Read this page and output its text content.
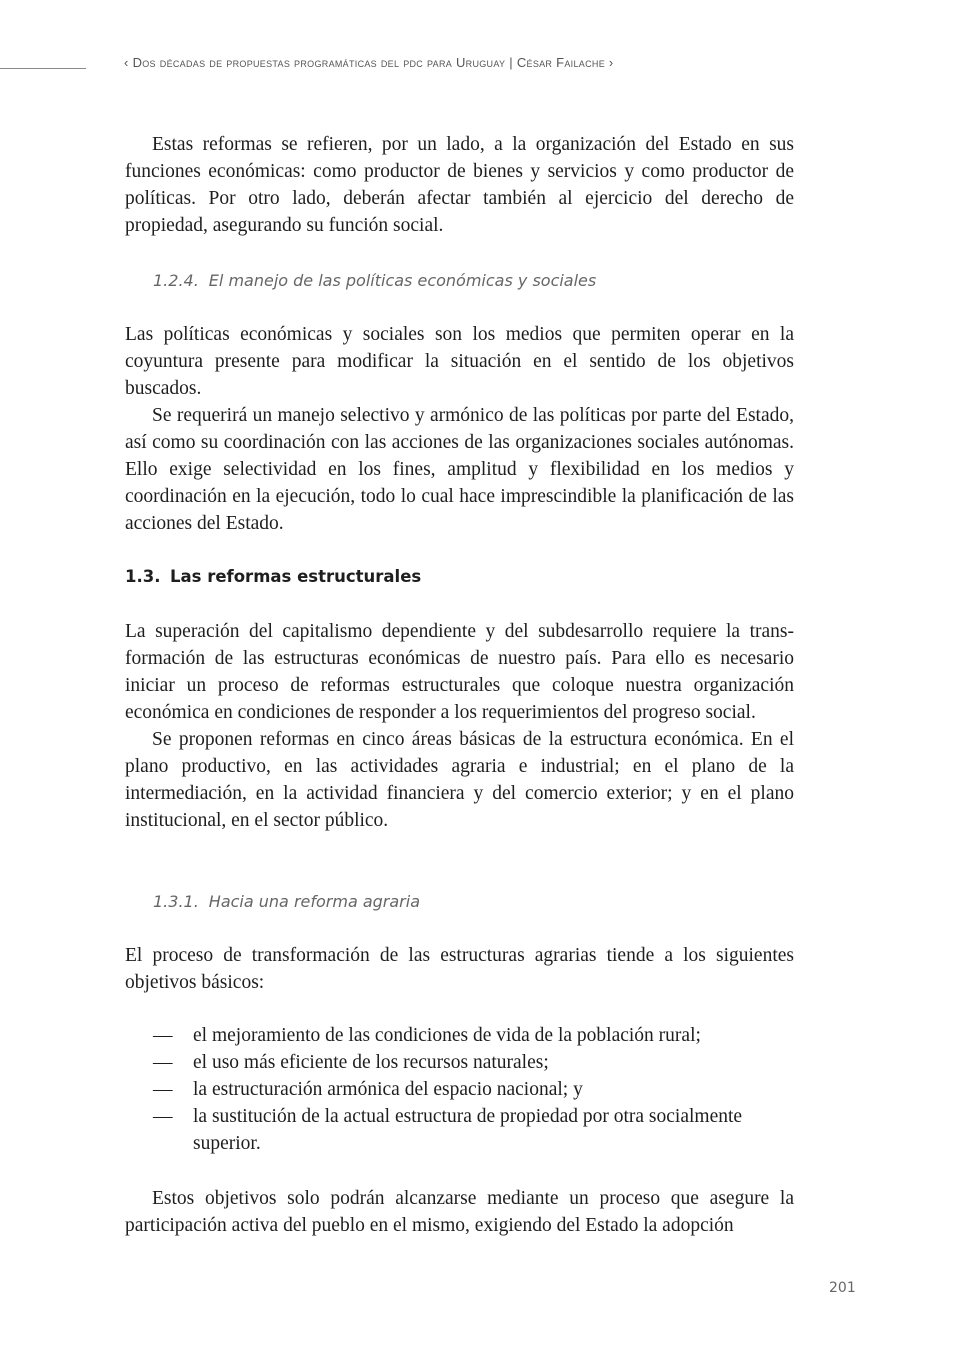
‹ Dos décadas de propuestas programáticas del pdc para Uruguay | César Failache ›

Estas reformas se refieren, por un lado, a la organización del Estado en sus funciones económicas: como productor de bienes y servicios y como productor de políticas. Por otro lado, deberán afectar también al ejercicio del derecho de propiedad, asegurando su función social.

1.2.4. El manejo de las políticas económicas y sociales

Las políticas económicas y sociales son los medios que permiten operar en la coyuntura presente para modificar la situación en el sentido de los objetivos buscados.

Se requerirá un manejo selectivo y armónico de las políticas por parte del Estado, así como su coordinación con las acciones de las organizaciones sociales autónomas. Ello exige selectividad en los fines, amplitud y flexibilidad en los medios y coordinación en la ejecución, todo lo cual hace imprescindible la planificación de las acciones del Estado.

1.3. Las reformas estructurales

La superación del capitalismo dependiente y del subdesarrollo requiere la transformación de las estructuras económicas de nuestro país. Para ello es necesario iniciar un proceso de reformas estructurales que coloque nuestra organización económica en condiciones de responder a los requerimientos del progreso social.

Se proponen reformas en cinco áreas básicas de la estructura económica. En el plano productivo, en las actividades agraria e industrial; en el plano de la intermediación, en la actividad financiera y del comercio exterior; y en el plano institucional, en el sector público.

1.3.1. Hacia una reforma agraria

El proceso de transformación de las estructuras agrarias tiende a los siguientes objetivos básicos:

— el mejoramiento de las condiciones de vida de la población rural;
— el uso más eficiente de los recursos naturales;
— la estructuración armónica del espacio nacional; y
— la sustitución de la actual estructura de propiedad por otra socialmente superior.

Estos objetivos solo podrán alcanzarse mediante un proceso que asegure la participación activa del pueblo en el mismo, exigiendo del Estado la adopción

201
